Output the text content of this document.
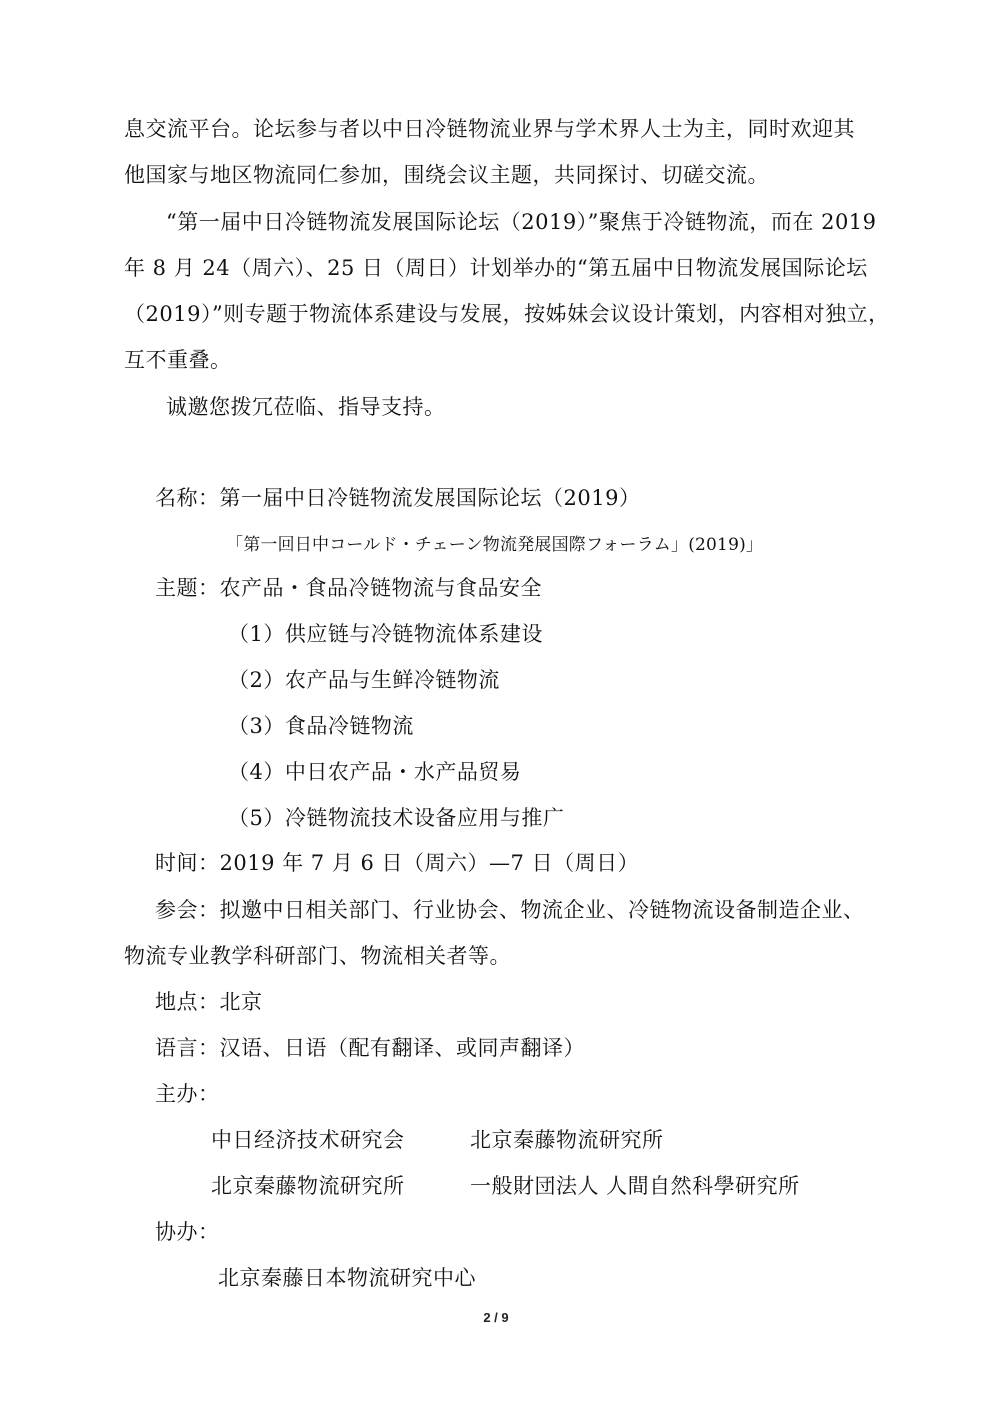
息交流平台。论坛参与者以中日冷链物流业界与学术界人士为主，同时欢迎其
他国家与地区物流同仁参加，围绕会议主题，共同探讨、切磋交流。
“第一届中日冷链物流发展国际论坛（2019）”聚焦于冷链物流，而在 2019
年 8 月 24（周六）、25 日（周日）计划举办的“第五届中日物流发展国际论坛
（2019）”则专题于物流体系建设与发展，按姊妹会议设计策划，内容相对独立，
互不重叠。
诚邀您拨冗莅临、指导支持。
名称：第一届中日冷链物流发展国际论坛（2019）
「第一回日中コールド・チェーン物流発展国際フォーラム」(2019)」
主题：农产品・食品冷链物流与食品安全
（1）供应链与冷链物流体系建设
（2）农产品与生鲜冷链物流
（3）食品冷链物流
（4）中日农产品・水产品贸易
（5）冷链物流技术设备应用与推广
时间：2019 年 7 月 6 日（周六）—7 日（周日）
参会：拟邀中日相关部门、行业协会、物流企业、冷链物流设备制造企业、
物流专业教学科研部门、物流相关者等。
地点：北京
语言：汉语、日语（配有翻译、或同声翻译）
主办：
中日经济技术研究会	北京秦藤物流研究所
北京秦藤物流研究所	一般財団法人 人間自然科學研究所
协办：
北京秦藤日本物流研究中心
2 / 9
